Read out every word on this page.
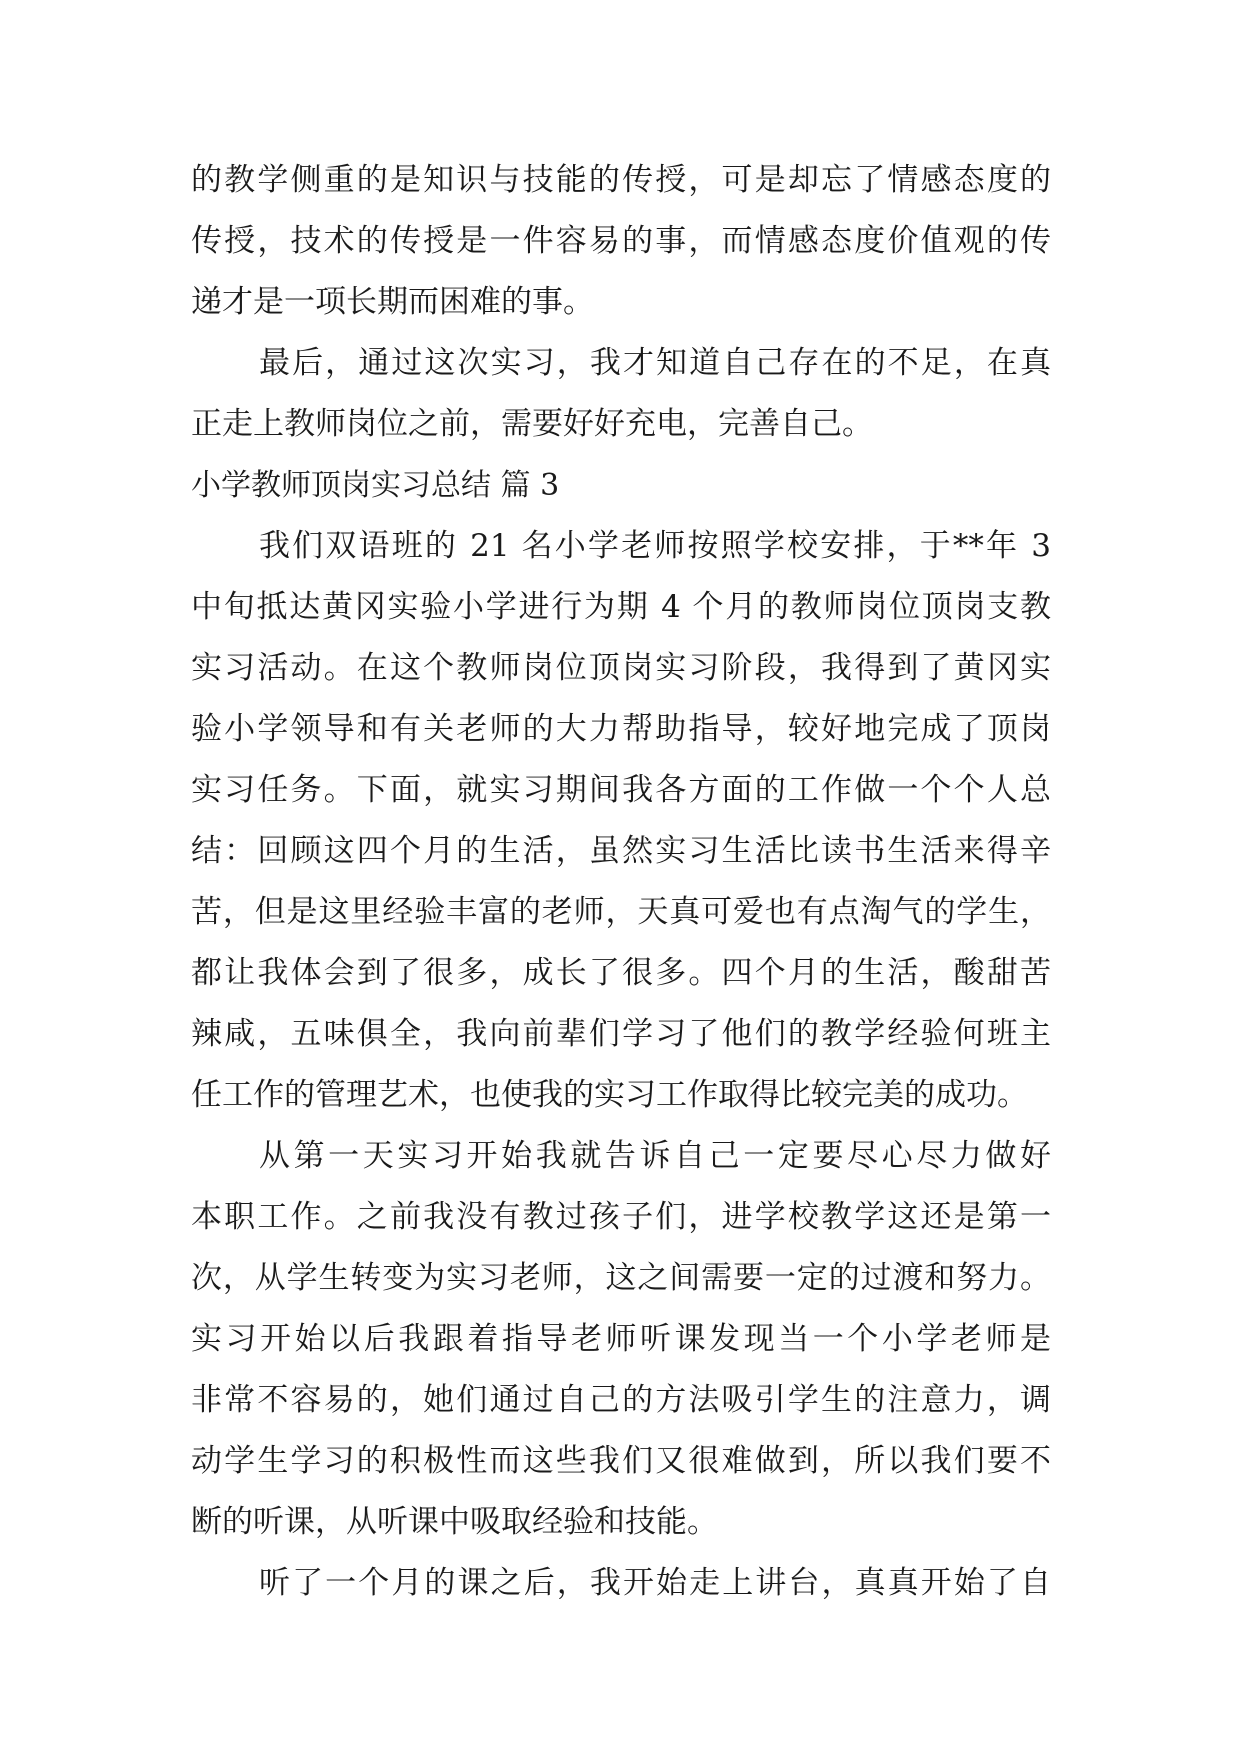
的教学侧重的是知识与技能的传授，可是却忘了情感态度的
传授，技术的传授是一件容易的事，而情感态度价值观的传
递才是一项长期而困难的事。
最后，通过这次实习，我才知道自己存在的不足，在真
正走上教师岗位之前，需要好好充电，完善自己。
小学教师顶岗实习总结 篇 3
我们双语班的 21 名小学老师按照学校安排，于**年 3
中旬抵达黄冈实验小学进行为期 4 个月的教师岗位顶岗支教
实习活动。在这个教师岗位顶岗实习阶段，我得到了黄冈实
验小学领导和有关老师的大力帮助指导，较好地完成了顶岗
实习任务。下面，就实习期间我各方面的工作做一个个人总
结：回顾这四个月的生活，虽然实习生活比读书生活来得辛
苦，但是这里经验丰富的老师，天真可爱也有点淘气的学生，
都让我体会到了很多，成长了很多。四个月的生活，酸甜苦
辣咸，五味俱全，我向前辈们学习了他们的教学经验何班主
任工作的管理艺术，也使我的实习工作取得比较完美的成功。
从第一天实习开始我就告诉自己一定要尽心尽力做好
本职工作。之前我没有教过孩子们，进学校教学这还是第一
次，从学生转变为实习老师，这之间需要一定的过渡和努力。
实习开始以后我跟着指导老师听课发现当一个小学老师是
非常不容易的，她们通过自己的方法吸引学生的注意力，调
动学生学习的积极性而这些我们又很难做到，所以我们要不
断的听课，从听课中吸取经验和技能。
听了一个月的课之后，我开始走上讲台，真真开始了自
